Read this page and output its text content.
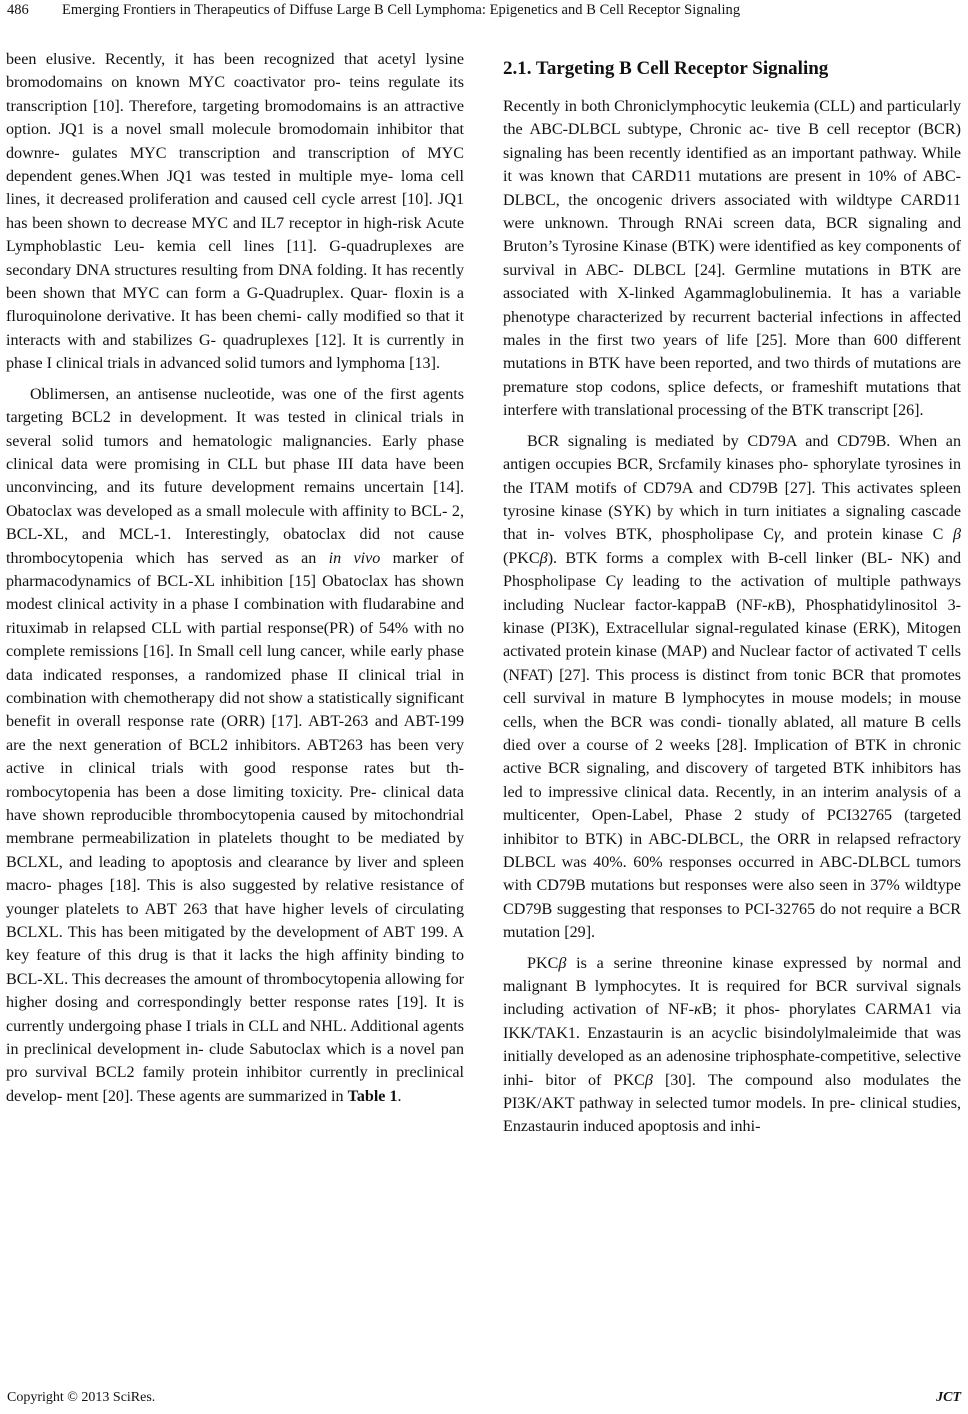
486 Emerging Frontiers in Therapeutics of Diffuse Large B Cell Lymphoma: Epigenetics and B Cell Receptor Signaling

been elusive. Recently, it has been recognized that acetyl lysine bromodomains on known MYC coactivator pro- teins regulate its transcription [10]. Therefore, targeting bromodomains is an attractive option. JQ1 is a novel small molecule bromodomain inhibitor that downre- gulates MYC transcription and transcription of MYC dependent genes.When JQ1 was tested in multiple mye- loma cell lines, it decreased proliferation and caused cell cycle arrest [10]. JQ1 has been shown to decrease MYC and IL7 receptor in high-risk Acute Lymphoblastic Leu- kemia cell lines [11]. G-quadruplexes are secondary DNA structures resulting from DNA folding. It has recently been shown that MYC can form a G-Quadruplex. Quar- floxin is a fluroquinolone derivative. It has been chemi- cally modified so that it interacts with and stabilizes G- quadruplexes [12]. It is currently in phase I clinical trials in advanced solid tumors and lymphoma [13].

Oblimersen, an antisense nucleotide, was one of the first agents targeting BCL2 in development. It was tested in clinical trials in several solid tumors and hematologic malignancies. Early phase clinical data were promising in CLL but phase III data have been unconvincing, and its future development remains uncertain [14]. Obatoclax was developed as a small molecule with affinity to BCL- 2, BCL-XL, and MCL-1. Interestingly, obatoclax did not cause thrombocytopenia which has served as an in vivo marker of pharmacodynamics of BCL-XL inhibition [15] Obatoclax has shown modest clinical activity in a phase I combination with fludarabine and rituximab in relapsed CLL with partial response(PR) of 54% with no complete remissions [16]. In Small cell lung cancer, while early phase data indicated responses, a randomized phase II clinical trial in combination with chemotherapy did not show a statistically significant benefit in overall response rate (ORR) [17]. ABT-263 and ABT-199 are the next generation of BCL2 inhibitors. ABT263 has been very active in clinical trials with good response rates but th- rombocytopenia has been a dose limiting toxicity. Pre- clinical data have shown reproducible thrombocytopenia caused by mitochondrial membrane permeabilization in platelets thought to be mediated by BCLXL, and leading to apoptosis and clearance by liver and spleen macro- phages [18]. This is also suggested by relative resistance of younger platelets to ABT 263 that have higher levels of circulating BCLXL. This has been mitigated by the development of ABT 199. A key feature of this drug is that it lacks the high affinity binding to BCL-XL. This decreases the amount of thrombocytopenia allowing for higher dosing and correspondingly better response rates [19]. It is currently undergoing phase I trials in CLL and NHL. Additional agents in preclinical development in- clude Sabutoclax which is a novel pan pro survival BCL2 family protein inhibitor currently in preclinical develop- ment [20]. These agents are summarized in Table 1.

2.1. Targeting B Cell Receptor Signaling

Recently in both Chroniclymphocytic leukemia (CLL) and particularly the ABC-DLBCL subtype, Chronic ac- tive B cell receptor (BCR) signaling has been recently identified as an important pathway. While it was known that CARD11 mutations are present in 10% of ABC- DLBCL, the oncogenic drivers associated with wildtype CARD11 were unknown. Through RNAi screen data, BCR signaling and Bruton’s Tyrosine Kinase (BTK) were identified as key components of survival in ABC- DLBCL [24]. Germline mutations in BTK are associated with X-linked Agammaglobulinemia. It has a variable phenotype characterized by recurrent bacterial infections in affected males in the first two years of life [25]. More than 600 different mutations in BTK have been reported, and two thirds of mutations are premature stop codons, splice defects, or frameshift mutations that interfere with translational processing of the BTK transcript [26].

BCR signaling is mediated by CD79A and CD79B. When an antigen occupies BCR, Srcfamily kinases pho- sphorylate tyrosines in the ITAM motifs of CD79A and CD79B [27]. This activates spleen tyrosine kinase (SYK) by which in turn initiates a signaling cascade that in- volves BTK, phospholipase Cγ, and protein kinase C β (PKCβ). BTK forms a complex with B-cell linker (BL- NK) and Phospholipase Cγ leading to the activation of multiple pathways including Nuclear factor-kappaB (NF-κB), Phosphatidylinositol 3-kinase (PI3K), Extracellular signal-regulated kinase (ERK), Mitogen activated protein kinase (MAP) and Nuclear factor of activated T cells (NFAT) [27]. This process is distinct from tonic BCR that promotes cell survival in mature B lymphocytes in mouse models; in mouse cells, when the BCR was condi- tionally ablated, all mature B cells died over a course of 2 weeks [28]. Implication of BTK in chronic active BCR signaling, and discovery of targeted BTK inhibitors has led to impressive clinical data. Recently, in an interim analysis of a multicenter, Open-Label, Phase 2 study of PCI32765 (targeted inhibitor to BTK) in ABC-DLBCL, the ORR in relapsed refractory DLBCL was 40%. 60% responses occurred in ABC-DLBCL tumors with CD79B mutations but responses were also seen in 37% wildtype CD79B suggesting that responses to PCI-32765 do not require a BCR mutation [29].

PKCβ is a serine threonine kinase expressed by normal and malignant B lymphocytes. It is required for BCR survival signals including activation of NF-κB; it phos- phorylates CARMA1 via IKK/TAK1. Enzastaurin is an acyclic bisindolylmaleimide that was initially developed as an adenosine triphosphate-competitive, selective inhi- bitor of PKCβ [30]. The compound also modulates the PI3K/AKT pathway in selected tumor models. In pre- clinical studies, Enzastaurin induced apoptosis and inhi-

Copyright © 2013 SciRes.	JCT
